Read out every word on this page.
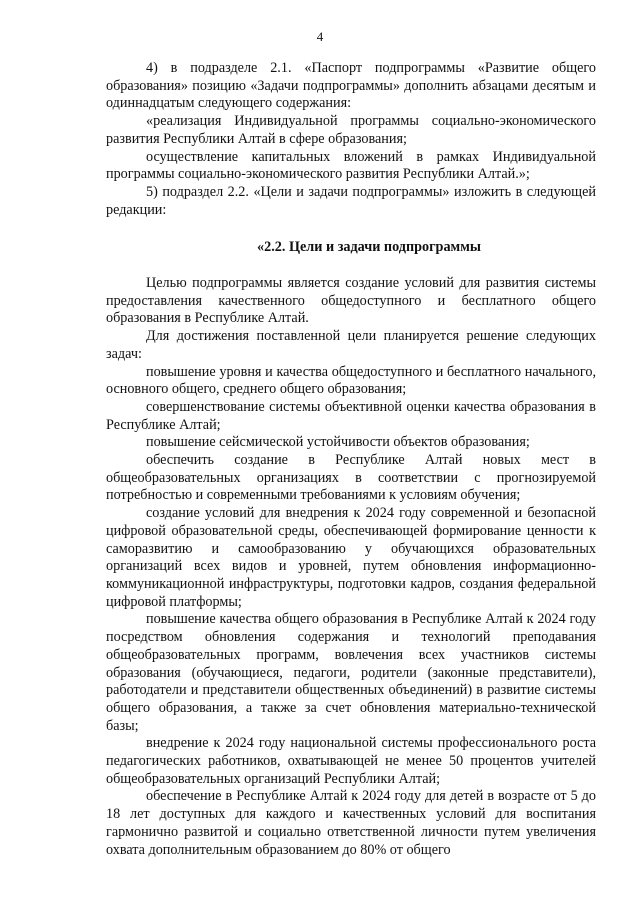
4

4) в подразделе 2.1. «Паспорт подпрограммы «Развитие общего образования» позицию «Задачи подпрограммы» дополнить абзацами десятым и одиннадцатым следующего содержания:

«реализация Индивидуальной программы социально-экономического развития Республики Алтай в сфере образования;

осуществление капитальных вложений в рамках Индивидуальной программы социально-экономического развития Республики Алтай.»;

5) подраздел 2.2. «Цели и задачи подпрограммы» изложить в следующей редакции:

«2.2. Цели и задачи подпрограммы

Целью подпрограммы является создание условий для развития системы предоставления качественного общедоступного и бесплатного общего образования в Республике Алтай.

Для достижения поставленной цели планируется решение следующих задач:

повышение уровня и качества общедоступного и бесплатного начального, основного общего, среднего общего образования;

совершенствование системы объективной оценки качества образования в Республике Алтай;

повышение сейсмической устойчивости объектов образования;

обеспечить создание в Республике Алтай новых мест в общеобразовательных организациях в соответствии с прогнозируемой потребностью и современными требованиями к условиям обучения;

создание условий для внедрения к 2024 году современной и безопасной цифровой образовательной среды, обеспечивающей формирование ценности к саморазвитию и самообразованию у обучающихся образовательных организаций всех видов и уровней, путем обновления информационно-коммуникационной инфраструктуры, подготовки кадров, создания федеральной цифровой платформы;

повышение качества общего образования в Республике Алтай к 2024 году посредством обновления содержания и технологий преподавания общеобразовательных программ, вовлечения всех участников системы образования (обучающиеся, педагоги, родители (законные представители), работодатели и представители общественных объединений) в развитие системы общего образования, а также за счет обновления материально-технической базы;

внедрение к 2024 году национальной системы профессионального роста педагогических работников, охватывающей не менее 50 процентов учителей общеобразовательных организаций Республики Алтай;

обеспечение в Республике Алтай к 2024 году для детей в возрасте от 5 до 18 лет доступных для каждого и качественных условий для воспитания гармонично развитой и социально ответственной личности путем увеличения охвата дополнительным образованием до 80% от общего
